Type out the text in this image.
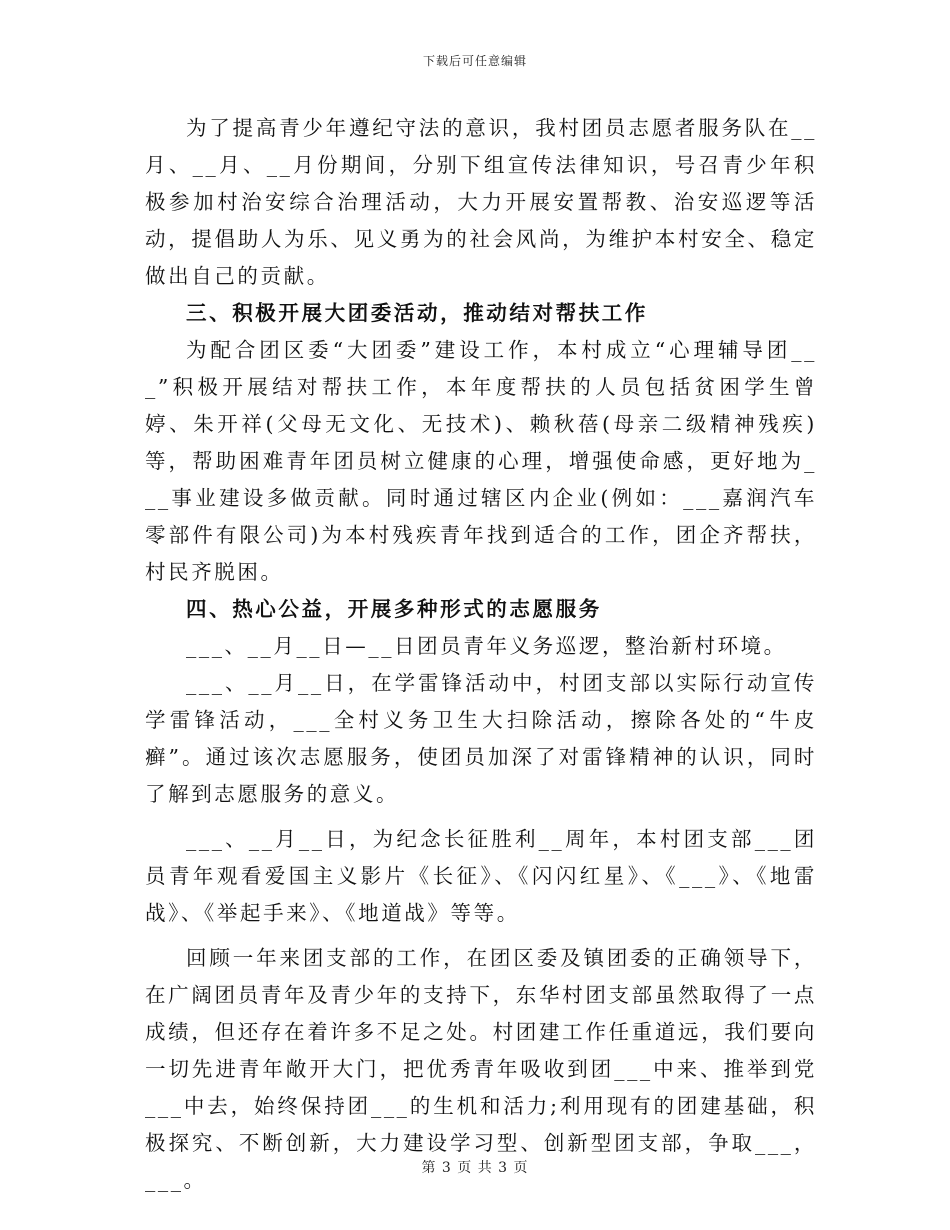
下载后可任意编辑

为了提高青少年遵纪守法的意识，我村团员志愿者服务队在__月、__月、__月份期间，分别下组宣传法律知识，号召青少年积极参加村治安综合治理活动，大力开展安置帮教、治安巡逻等活动，提倡助人为乐、见义勇为的社会风尚，为维护本村安全、稳定做出自己的贡献。

三、积极开展大团委活动，推动结对帮扶工作

为配合团区委“大团委”建设工作，本村成立“心理辅导团___”积极开展结对帮扶工作，本年度帮扶的人员包括贫困学生曾婷、朱开祥(父母无文化、无技术)、赖秋蓓(母亲二级精神残疾)等，帮助困难青年团员树立健康的心理，增强使命感，更好地为___事业建设多做贡献。同时通过辖区内企业(例如：___嘉润汽车零部件有限公司)为本村残疾青年找到适合的工作，团企齐帮扶，村民齐脱困。

四、热心公益，开展多种形式的志愿服务

___、__月__日—__日团员青年义务巡逻，整治新村环境。

___、__月__日，在学雷锋活动中，村团支部以实际行动宣传学雷锋活动，___全村义务卫生大扫除活动，擦除各处的“牛皮癣”。通过该次志愿服务，使团员加深了对雷锋精神的认识，同时了解到志愿服务的意义。

___、__月__日，为纪念长征胜利__周年，本村团支部___团员青年观看爱国主义影片《长征》、《闪闪红星》、《___》、《地雷战》、《举起手来》、《地道战》等等。

回顾一年来团支部的工作，在团区委及镇团委的正确领导下，在广阔团员青年及青少年的支持下，东华村团支部虽然取得了一点成绩，但还存在着许多不足之处。村团建工作任重道远，我们要向一切先进青年敞开大门，把优秀青年吸收到团___中来、推举到党___中去，始终保持团___的生机和活力;利用现有的团建基础，积极探究、不断创新，大力建设学习型、创新型团支部，争取___，___。	第 3 页 共 3 页
